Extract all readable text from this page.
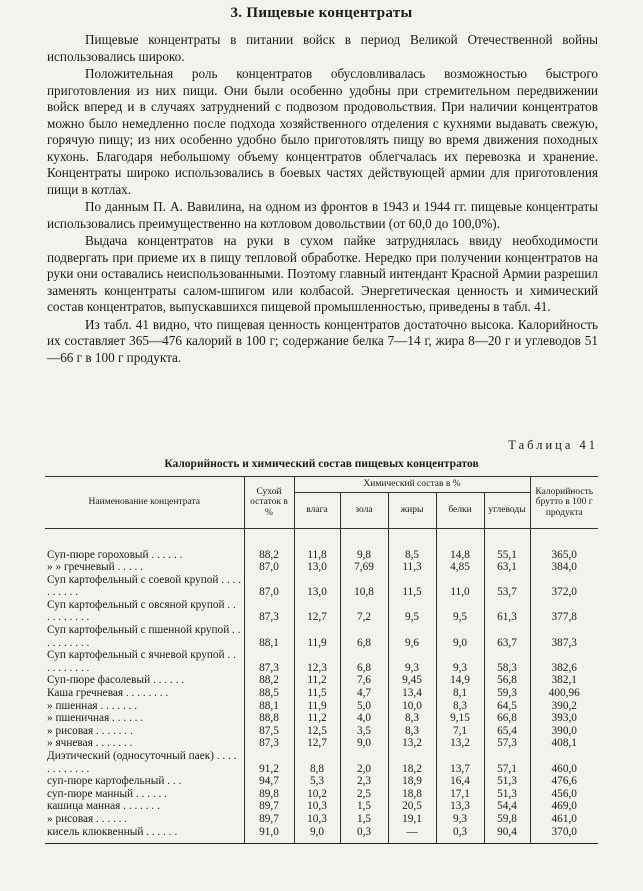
3. Пищевые концентраты

Пищевые концентраты в питании войск в период Великой Отечественной войны использовались широко.

Положительная роль концентратов обусловливалась возможностью быстрого приготовления из них пищи. Они были особенно удобны при стремительном передвижении войск вперед и в случаях затруднений с подвозом продовольствия. При наличии концентратов можно было немедленно после подхода хозяйственного отделения с кухнями выдавать свежую, горячую пищу; из них особенно удобно было приготовлять пищу во время движения походных кухонь. Благодаря небольшому объему концентратов облегчалась их перевозка и хранение. Концентраты широко использовались в боевых частях действующей армии для приготовления пищи в котлах.

По данным П. А. Вавилина, на одном из фронтов в 1943 и 1944 гг. пищевые концентраты использовались преимущественно на котловом довольствии (от 60,0 до 100,0%).

Выдача концентратов на руки в сухом пайке затруднялась ввиду необходимости подвергать при приеме их в пищу тепловой обработке. Нередко при получении концентратов на руки они оставались неиспользованными. Поэтому главный интендант Красной Армии разрешил заменять концентраты салом-шпигом или колбасой. Энергетическая ценность и химический состав концентратов, выпускавшихся пищевой промышленностью, приведены в табл. 41.

Из табл. 41 видно, что пищевая ценность концентратов достаточно высока. Калорийность их составляет 365—476 калорий в 100 г; содержание белка 7—14 г, жира 8—20 г и углеводов 51—66 г в 100 г продукта.

Таблица 41
Калорийность и химический состав пищевых концентратов
Наименование концентрата	Сухой остаток в %	Химический состав в %					Калорийность брутто в 100 г продукта
		влага	зола	жиры	белки	углеводы	
Суп-пюре гороховый . . . . . .	88,2	11,8	9,8	8,5	14,8	55,1	365,0
» » гречневый . . . . .	87,0	13,0	7,69	11,3	4,85	63,1	384,0
Суп картофельный с соевой крупой . . . . . . . . . .	87,0	13,0	10,8	11,5	11,0	53,7	372,0
Суп картофельный с овсяной крупой . . . . . . . . . .	87,3	12,7	7,2	9,5	9,5	61,3	377,8
Суп картофельный с пшенной крупой . . . . . . . . . .	88,1	11,9	6,8	9,6	9,0	63,7	387,3
Суп картофельный с ячневой крупой . . . . . . . . . .	87,3	12,3	6,8	9,3	9,3	58,3	382,6
Суп-пюре фасолевый . . . . . .	88,2	11,2	7,6	9,45	14,9	56,8	382,1
Каша гречневая . . . . . . . .	88,5	11,5	4,7	13,4	8,1	59,3	400,96
» пшенная . . . . . . .	88,1	11,9	5,0	10,0	8,3	64,5	390,2
» пшеничная . . . . . .	88,8	11,2	4,0	8,3	9,15	66,8	393,0
» рисовая . . . . . . .	87,5	12,5	3,5	8,3	7,1	65,4	390,0
» ячневая . . . . . . .	87,3	12,7	9,0	13,2	13,2	57,3	408,1
Диэтический (односуточный паек) . . . . . . . . . . . .	91,2	8,8	2,0	18,2	13,7	57,1	460,0
суп-пюре картофельный . . .	94,7	5,3	2,3	18,9	16,4	51,3	476,6
суп-пюре манный . . . . . .	89,8	10,2	2,5	18,8	17,1	51,3	456,0
кашица манная . . . . . . .	89,7	10,3	1,5	20,5	13,3	54,4	469,0
» рисовая . . . . . .	89,7	10,3	1,5	19,1	9,3	59,8	461,0
кисель клюквенный . . . . . .	91,0	9,0	0,3	—	0,3	90,4	370,0
